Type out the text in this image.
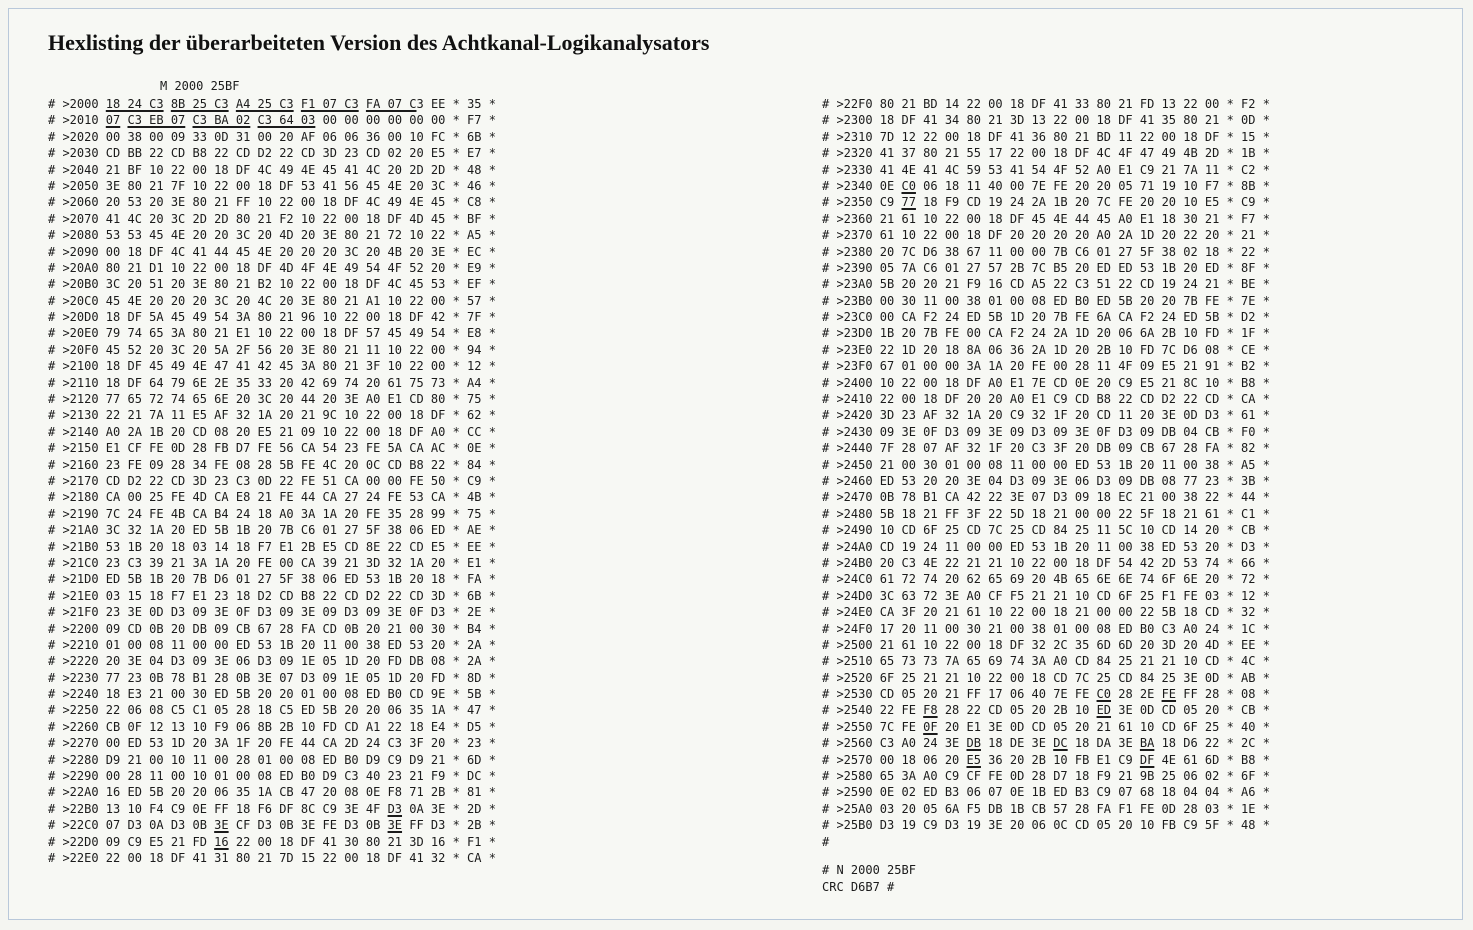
Hexlisting der überarbeiteten Version des Achtkanal-Logikanalysators
M 2000 25BF
# >2000 18 24 C3 8B 25 C3 A4 25 C3 F1 07 C3 FA 07 C3 EE * 35 *
# >2010 07 C3 EB 07 C3 BA 02 C3 64 03 00 00 00 00 00 00 * F7 *
# >2020 00 38 00 09 33 0D 31 00 20 AF 06 06 36 00 10 FC * 6B *
# >2030 CD BB 22 CD B8 22 CD D2 22 CD 3D 23 CD 02 20 E5 * E7 *
# >2040 21 BF 10 22 00 18 DF 4C 49 4E 45 41 4C 20 2D 2D * 48 *
# >2050 3E 80 21 7F 10 22 00 18 DF 53 41 56 45 4E 20 3C * 46 *
# >2060 20 53 20 3E 80 21 FF 10 22 00 18 DF 4C 49 4E 45 * C8 *
# >2070 41 4C 20 3C 2D 2D 80 21 F2 10 22 00 18 DF 4D 45 * BF *
# >2080 53 53 45 4E 20 20 3C 20 4D 20 3E 80 21 72 10 22 * A5 *
# >2090 00 18 DF 4C 41 44 45 4E 20 20 20 3C 20 4B 20 3E * EC *
# >20A0 80 21 D1 10 22 00 18 DF 4D 4F 4E 49 54 4F 52 20 * E9 *
# >20B0 3C 20 51 20 3E 80 21 B2 10 22 00 18 DF 4C 45 53 * EF *
# >20C0 45 4E 20 20 20 3C 20 4C 20 3E 80 21 A1 10 22 00 * 57 *
# >20D0 18 DF 5A 45 49 54 3A 80 21 96 10 22 00 18 DF 42 * 7F *
# >20E0 79 74 65 3A 80 21 E1 10 22 00 18 DF 57 45 49 54 * E8 *
# >20F0 45 52 20 3C 20 5A 2F 56 20 3E 80 21 11 10 22 00 * 94 *
# >2100 18 DF 45 49 4E 47 41 42 45 3A 80 21 3F 10 22 00 * 12 *
# >2110 18 DF 64 79 6E 2E 35 33 20 42 69 74 20 61 75 73 * A4 *
# >2120 77 65 72 74 65 6E 20 3C 20 44 20 3E A0 E1 CD 80 * 75 *
# >2130 22 21 7A 11 E5 AF 32 1A 20 21 9C 10 22 00 18 DF * 62 *
# >2140 A0 2A 1B 20 CD 08 20 E5 21 09 10 22 00 18 DF A0 * CC *
# >2150 E1 CF FE 0D 28 FB D7 FE 56 CA 54 23 FE 5A CA AC * 0E *
# >2160 23 FE 09 28 34 FE 08 28 5B FE 4C 20 0C CD B8 22 * 84 *
# >2170 CD D2 22 CD 3D 23 C3 0D 22 FE 51 CA 00 00 FE 50 * C9 *
# >2180 CA 00 25 FE 4D CA E8 21 FE 44 CA 27 24 FE 53 CA * 4B *
# >2190 7C 24 FE 4B CA B4 24 18 A0 3A 1A 20 FE 35 28 99 * 75 *
# >21A0 3C 32 1A 20 ED 5B 1B 20 7B C6 01 27 5F 38 06 ED * AE *
# >21B0 53 1B 20 18 03 14 18 F7 E1 2B E5 CD 8E 22 CD E5 * EE *
# >21C0 23 C3 39 21 3A 1A 20 FE 00 CA 39 21 3D 32 1A 20 * E1 *
# >21D0 ED 5B 1B 20 7B D6 01 27 5F 38 06 ED 53 1B 20 18 * FA *
# >21E0 03 15 18 F7 E1 23 18 D2 CD B8 22 CD D2 22 CD 3D * 6B *
# >21F0 23 3E 0D D3 09 3E 0F D3 09 3E 09 D3 09 3E 0F D3 * 2E *
# >2200 09 CD 0B 20 DB 09 CB 67 28 FA CD 0B 20 21 00 30 * B4 *
# >2210 01 00 08 11 00 00 ED 53 1B 20 11 00 38 ED 53 20 * 2A *
# >2220 20 3E 04 D3 09 3E 06 D3 09 1E 05 1D 20 FD DB 08 * 2A *
# >2230 77 23 0B 78 B1 28 0B 3E 07 D3 09 1E 05 1D 20 FD * 8D *
# >2240 18 E3 21 00 30 ED 5B 20 20 01 00 08 ED B0 CD 9E * 5B *
# >2250 22 06 08 C5 C1 05 28 18 C5 ED 5B 20 20 06 35 1A * 47 *
# >2260 CB 0F 12 13 10 F9 06 8B 2B 10 FD CD A1 22 18 E4 * D5 *
# >2270 00 ED 53 1D 20 3A 1F 20 FE 44 CA 2D 24 C3 3F 20 * 23 *
# >2280 D9 21 00 10 11 00 28 01 00 08 ED B0 D9 C9 D9 21 * 6D *
# >2290 00 28 11 00 10 01 00 08 ED B0 D9 C3 40 23 21 F9 * DC *
# >22A0 16 ED 5B 20 20 06 35 1A CB 47 20 08 0E F8 71 2B * 81 *
# >22B0 13 10 F4 C9 0E FF 18 F6 DF 8C C9 3E 4F D3 0A 3E * 2D *
# >22C0 07 D3 0A D3 0B 3E CF D3 0B 3E FE D3 0B 3E FF D3 * 2B *
# >22D0 09 C9 E5 21 FD 16 22 00 18 DF 41 30 80 21 3D 16 * F1 *
# >22E0 22 00 18 DF 41 31 80 21 7D 15 22 00 18 DF 41 32 * CA *
# >22F0 80 21 BD 14 22 00 18 DF 41 33 80 21 FD 13 22 00 * F2 *
# >2300 18 DF 41 34 80 21 3D 13 22 00 18 DF 41 35 80 21 * 0D *
# >2310 7D 12 22 00 18 DF 41 36 80 21 BD 11 22 00 18 DF * 15 *
# >2320 41 37 80 21 55 17 22 00 18 DF 4C 4F 47 49 4B 2D * 1B *
# >2330 41 4E 41 4C 59 53 41 54 4F 52 A0 E1 C9 21 7A 11 * C2 *
# >2340 0E C0 06 18 11 40 00 7E FE 20 20 05 71 19 10 F7 * 8B *
# >2350 C9 77 18 F9 CD 19 24 2A 1B 20 7C FE 20 20 10 E5 * C9 *
# >2360 21 61 10 22 00 18 DF 45 4E 44 45 A0 E1 18 30 21 * F7 *
# >2370 61 10 22 00 18 DF 20 20 20 20 A0 2A 1D 20 22 20 * 21 *
# >2380 20 7C D6 38 67 11 00 00 7B C6 01 27 5F 38 02 18 * 22 *
# >2390 05 7A C6 01 27 57 2B 7C B5 20 ED ED 53 1B 20 ED * 8F *
# >23A0 5B 20 20 21 F9 16 CD A5 22 C3 51 22 CD 19 24 21 * BE *
# >23B0 00 30 11 00 38 01 00 08 ED B0 ED 5B 20 20 7B FE * 7E *
# >23C0 00 CA F2 24 ED 5B 1D 20 7B FE 6A CA F2 24 ED 5B * D2 *
# >23D0 1B 20 7B FE 00 CA F2 24 2A 1D 20 06 6A 2B 10 FD * 1F *
# >23E0 22 1D 20 18 8A 06 36 2A 1D 20 2B 10 FD 7C D6 08 * CE *
# >23F0 67 01 00 00 3A 1A 20 FE 00 28 11 4F 09 E5 21 91 * B2 *
# >2400 10 22 00 18 DF A0 E1 7E CD 0E 20 C9 E5 21 8C 10 * B8 *
# >2410 22 00 18 DF 20 20 A0 E1 C9 CD B8 22 CD D2 22 CD * CA *
# >2420 3D 23 AF 32 1A 20 C9 32 1F 20 CD 11 20 3E 0D D3 * 61 *
# >2430 09 3E 0F D3 09 3E 09 D3 09 3E 0F D3 09 DB 04 CB * F0 *
# >2440 7F 28 07 AF 32 1F 20 C3 3F 20 DB 09 CB 67 28 FA * 82 *
# >2450 21 00 30 01 00 08 11 00 00 ED 53 1B 20 11 00 38 * A5 *
# >2460 ED 53 20 20 3E 04 D3 09 3E 06 D3 09 DB 08 77 23 * 3B *
# >2470 0B 78 B1 CA 42 22 3E 07 D3 09 18 EC 21 00 38 22 * 44 *
# >2480 5B 18 21 FF 3F 22 5D 18 21 00 00 22 5F 18 21 61 * C1 *
# >2490 10 CD 6F 25 CD 7C 25 CD 84 25 11 5C 10 CD 14 20 * CB *
# >24A0 CD 19 24 11 00 00 ED 53 1B 20 11 00 38 ED 53 20 * D3 *
# >24B0 20 C3 4E 22 21 21 10 22 00 18 DF 54 42 2D 53 74 * 66 *
# >24C0 61 72 74 20 62 65 69 20 4B 65 6E 6E 74 6F 6E 20 * 72 *
# >24D0 3C 63 72 3E A0 CF F5 21 21 10 CD 6F 25 F1 FE 03 * 12 *
# >24E0 CA 3F 20 21 61 10 22 00 18 21 00 00 22 5B 18 CD * 32 *
# >24F0 17 20 11 00 30 21 00 38 01 00 08 ED B0 C3 A0 24 * 1C *
# >2500 21 61 10 22 00 18 DF 32 2C 35 6D 6D 20 3D 20 4D * EE *
# >2510 65 73 73 7A 65 69 74 3A A0 CD 84 25 21 21 10 CD * 4C *
# >2520 6F 25 21 21 10 22 00 18 CD 7C 25 CD 84 25 3E 0D * AB *
# >2530 CD 05 20 21 FF 17 06 40 7E FE C0 28 2E FE FF 28 * 08 *
# >2540 22 FE F8 28 22 CD 05 20 2B 10 ED 3E 0D CD 05 20 * CB *
# >2550 7C FE 0F 20 E1 3E 0D CD 05 20 21 61 10 CD 6F 25 * 40 *
# >2560 C3 A0 24 3E DB 18 DE 3E DC 18 DA 3E BA 18 D6 22 * 2C *
# >2570 00 18 06 20 E5 36 20 2B 10 FB E1 C9 DF 4E 61 6D * B8 *
# >2580 65 3A A0 C9 CF FE 0D 28 D7 18 F9 21 9B 25 06 02 * 6F *
# >2590 0E 02 ED B3 06 07 0E 1B ED B3 C9 07 68 18 04 04 * A6 *
# >25A0 03 20 05 6A F5 DB 1B CB 57 28 FA F1 FE 0D 28 03 * 1E *
# >25B0 D3 19 C9 D3 19 3E 20 06 0C CD 05 20 10 FB C9 5F * 48 *
#
# N 2000 25BF
CRC D6B7 #
